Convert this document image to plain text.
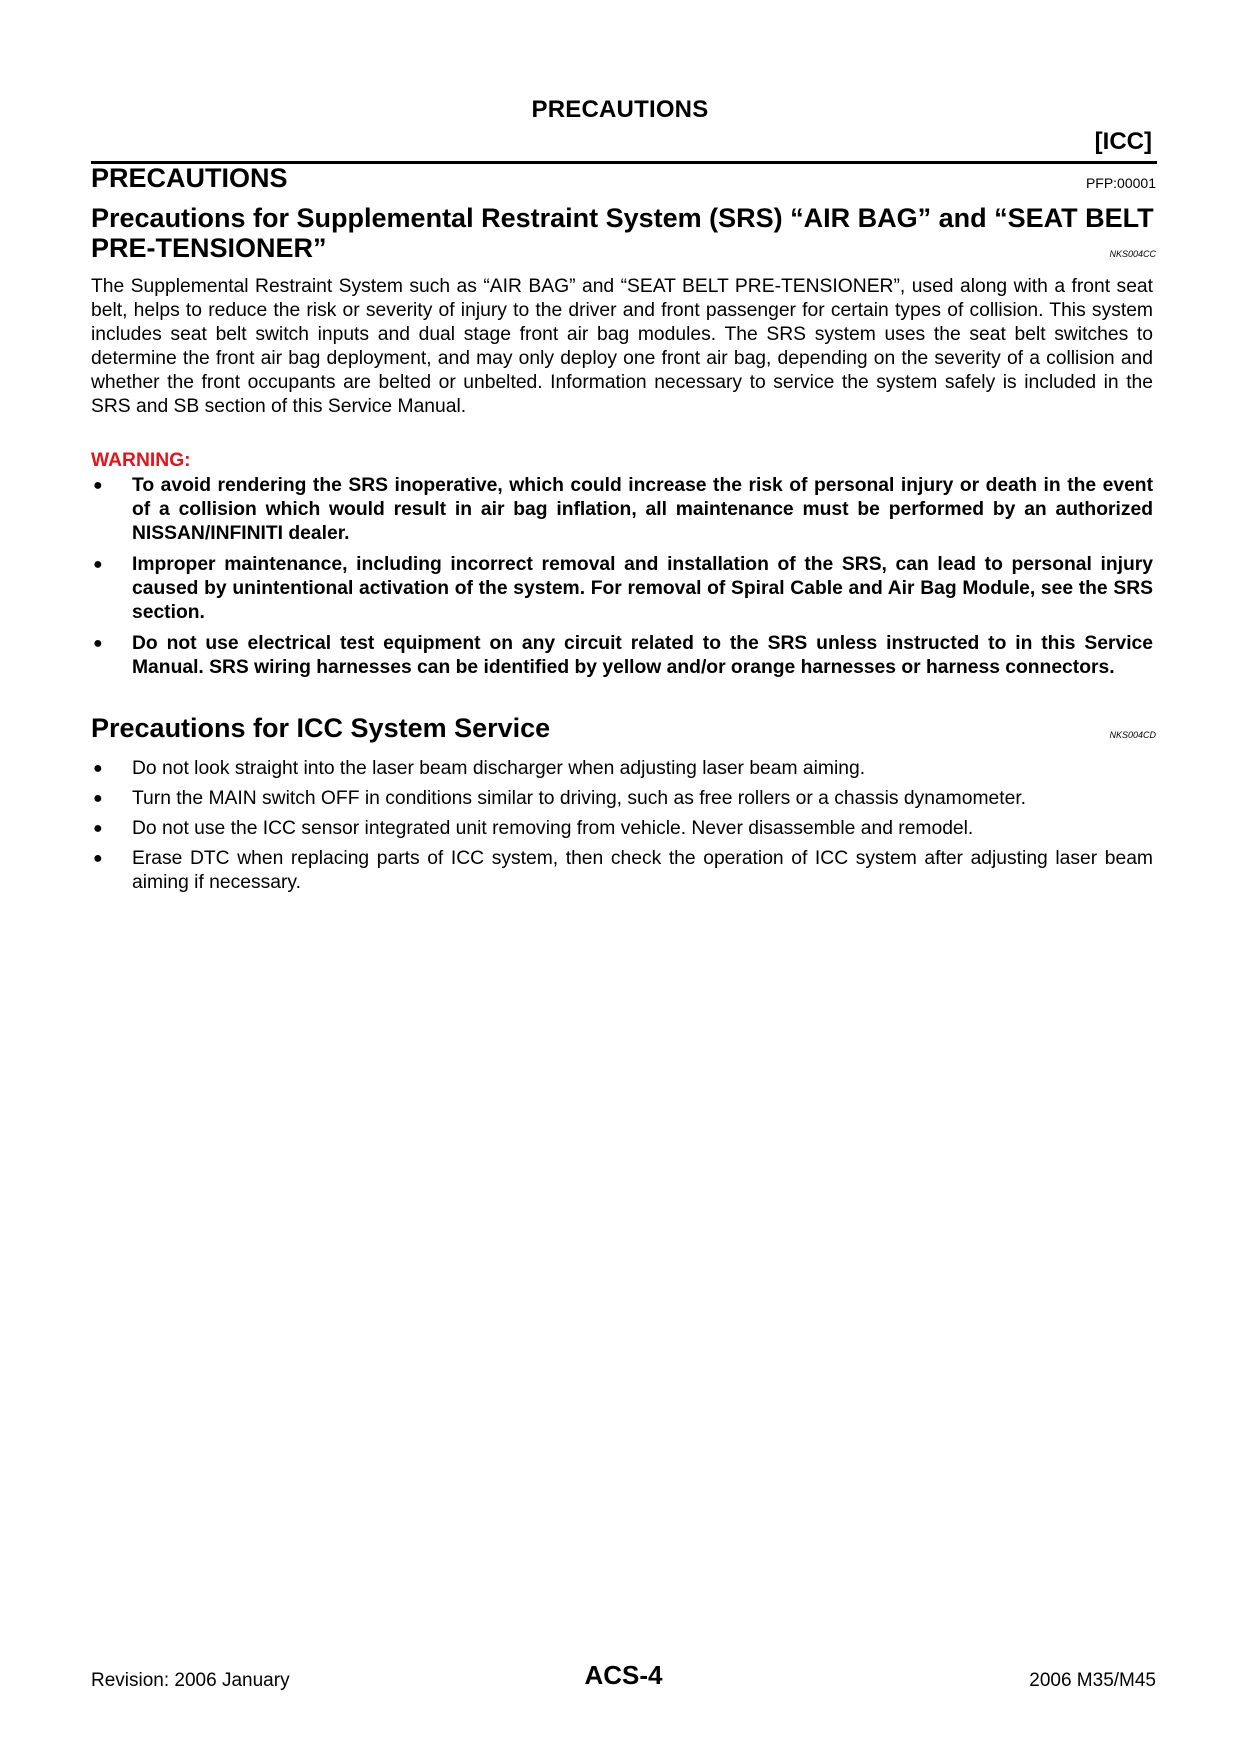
PRECAUTIONS
[ICC]
PRECAUTIONS	PFP:00001
Precautions for Supplemental Restraint System (SRS) “AIR BAG” and “SEAT BELT PRE-TENSIONER”	NKS004CC
The Supplemental Restraint System such as “AIR BAG” and “SEAT BELT PRE-TENSIONER”, used along with a front seat belt, helps to reduce the risk or severity of injury to the driver and front passenger for certain types of collision. This system includes seat belt switch inputs and dual stage front air bag modules. The SRS system uses the seat belt switches to determine the front air bag deployment, and may only deploy one front air bag, depending on the severity of a collision and whether the front occupants are belted or unbelted. Information necessary to service the system safely is included in the SRS and SB section of this Service Manual.
WARNING:
● To avoid rendering the SRS inoperative, which could increase the risk of personal injury or death in the event of a collision which would result in air bag inflation, all maintenance must be performed by an authorized NISSAN/INFINITI dealer.
● Improper maintenance, including incorrect removal and installation of the SRS, can lead to personal injury caused by unintentional activation of the system. For removal of Spiral Cable and Air Bag Module, see the SRS section.
● Do not use electrical test equipment on any circuit related to the SRS unless instructed to in this Service Manual. SRS wiring harnesses can be identified by yellow and/or orange harnesses or harness connectors.
Precautions for ICC System Service	NKS004CD
● Do not look straight into the laser beam discharger when adjusting laser beam aiming.
● Turn the MAIN switch OFF in conditions similar to driving, such as free rollers or a chassis dynamometer.
● Do not use the ICC sensor integrated unit removing from vehicle. Never disassemble and remodel.
● Erase DTC when replacing parts of ICC system, then check the operation of ICC system after adjusting laser beam aiming if necessary.
Revision: 2006 January	ACS-4	2006 M35/M45
